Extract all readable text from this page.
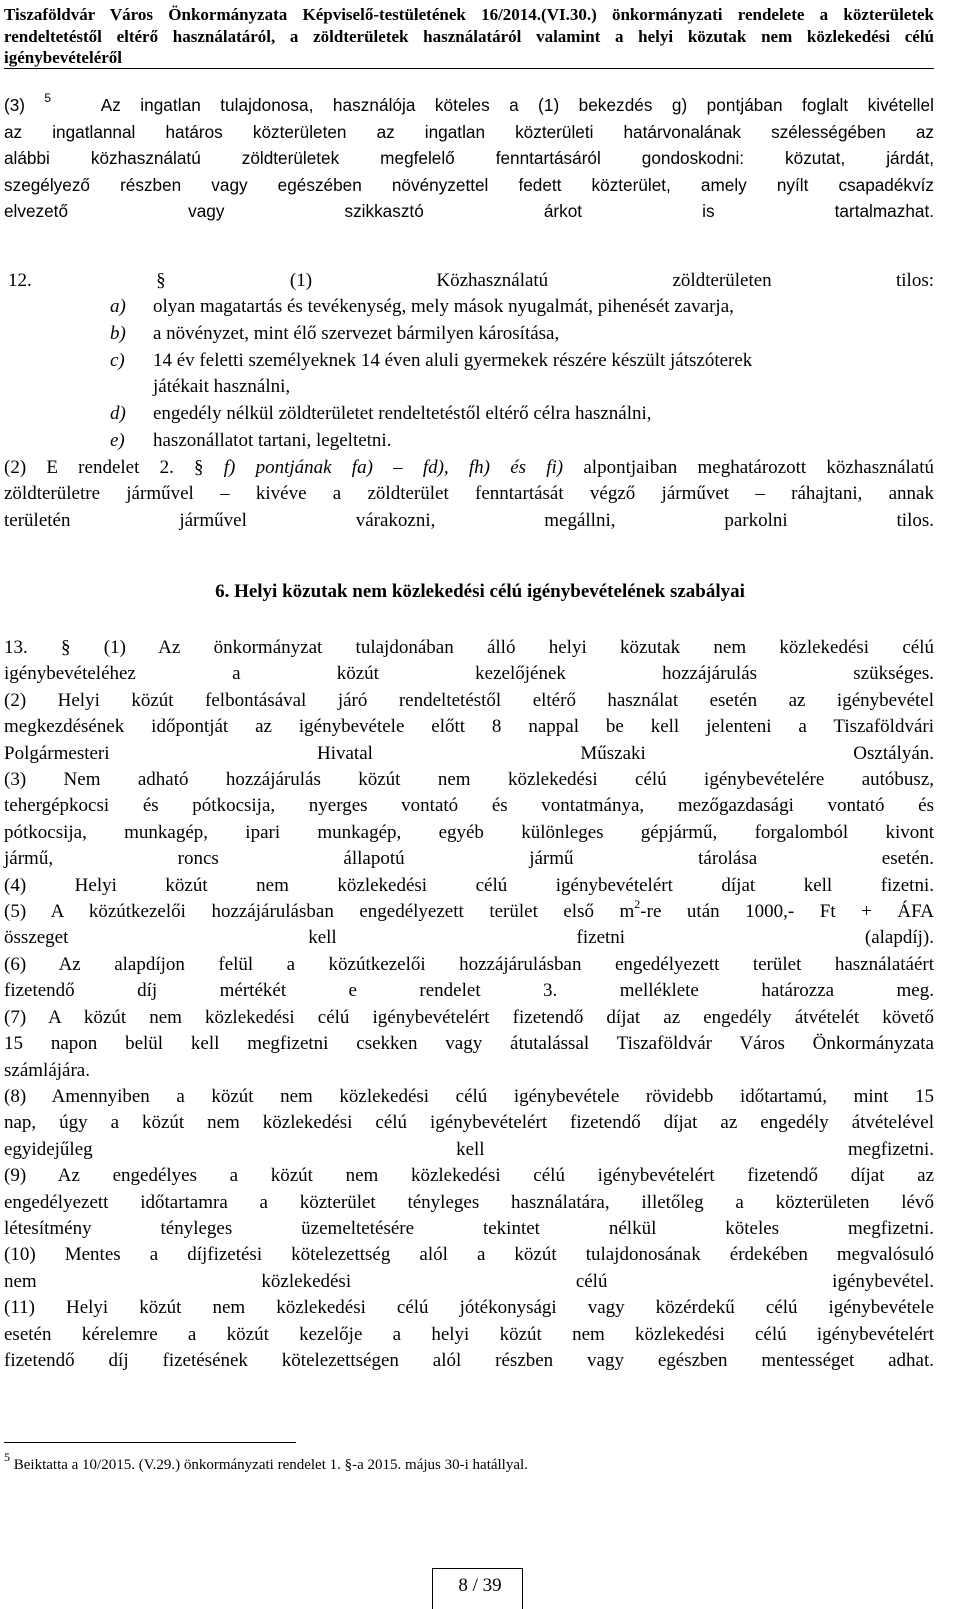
Tiszaföldvár Város Önkormányzata Képviselő-testületének 16/2014.(VI.30.) önkormányzati rendelete a közterületek
rendeltetéstől eltérő használatáról, a zöldterületek használatáról valamint a helyi közutak nem közlekedési célú
igénybevételéről
(3) $^5$	Az ingatlan tulajdonosa, használója köteles a (1) bekezdés g) pontjában foglalt kivétellel
az ingatlannal határos közterületen az ingatlan közterületi határvonalának szélességében az
alábbi közhasználatú zöldterületek megfelelő fenntartásáról gondoskodni: közutat, járdát,
szegélyező részben vagy egészében növényzettel fedett közterület, amely nyílt csapadékvíz
elvezető vagy szikkasztó árkot is tartalmazhat.
12. § (1) Közhasználatú zöldterületen tilos:
a) olyan magatartás és tevékenység, mely mások nyugalmát, pihenését zavarja,
b) a növényzet, mint élő szervezet bármilyen károsítása,
c) 14 év feletti személyeknek 14 éven aluli gyermekek részére készült játszóterek
játékait használni,
d) engedély nélkül zöldterületet rendeltetéstől eltérő célra használni,
e) haszonállatot tartani, legeltetni.
(2) E rendelet 2. § f) pontjának fa) – fd), fh) és fi) alpontjaiban meghatározott közhasználatú
zöldterületre járművel – kivéve a zöldterület fenntartását végző járművet – ráhajtani, annak
területén járművel várakozni, megállni, parkolni tilos.
6. Helyi közutak nem közlekedési célú igénybevételének szabályai
13. § (1) Az önkormányzat tulajdonában álló helyi közutak nem közlekedési célú
igénybevételéhez a közút kezelőjének hozzájárulás szükséges.
(2) Helyi közút felbontásával járó rendeltetéstől eltérő használat esetén az igénybevétel
megkezdésének időpontját az igénybevétele előtt 8 nappal be kell jelenteni a Tiszaföldvári
Polgármesteri Hivatal Műszaki Osztályán.
(3) Nem adható hozzájárulás közút nem közlekedési célú igénybevételére autóbusz,
tehergépkocsi és pótkocsija, nyerges vontató és vontatmánya, mezőgazdasági vontató és
pótkocsija, munkagép, ipari munkagép, egyéb különleges gépjármű, forgalomból kivont
jármű, roncs állapotú jármű tárolása esetén.
(4) Helyi közút nem közlekedési célú igénybevételért díjat kell fizetni.
(5) A közútkezelői hozzájárulásban engedélyezett terület első $m^2-re$ után 1000,- Ft + ÁFA
összeget kell fizetni (alapdíj).
(6) Az alapdíjon felül a közútkezelői hozzájárulásban engedélyezett terület használatáért
fizetendő díj mértékét e rendelet 3. melléklete határozza meg.
(7) A közút nem közlekedési célú igénybevételért fizetendő díjat az engedély átvételét követő
15 napon belül kell megfizetni csekken vagy átutalással Tiszaföldvár Város Önkormányzata
számlájára.
(8) Amennyiben a közút nem közlekedési célú igénybevétele rövidebb időtartamú, mint 15
nap, úgy a közút nem közlekedési célú igénybevételért fizetendő díjat az engedély átvételével
egyidejűleg kell megfizetni.
(9) Az engedélyes a közút nem közlekedési célú igénybevételért fizetendő díjat az
engedélyezett időtartamra a közterület tényleges használatára, illetőleg a közterületen lévő
létesítmény tényleges üzemeltetésére tekintet nélkül köteles megfizetni.
(10) Mentes a díjfizetési kötelezettség alól a közút tulajdonosának érdekében megvalósuló
nem közlekedési célú igénybevétel.
(11) Helyi közút nem közlekedési célú jótékonysági vagy közérdekű célú igénybevétele
esetén kérelemre a közút kezelője a helyi közút nem közlekedési célú igénybevételért
fizetendő díj fizetésének kötelezettségen alól részben vagy egészben mentességet adhat.
$^5$ Beiktatta a 10/2015. (V.29.) önkormányzati rendelet 1. §-a 2015. május 30-i hatállyal.
8 / 39
